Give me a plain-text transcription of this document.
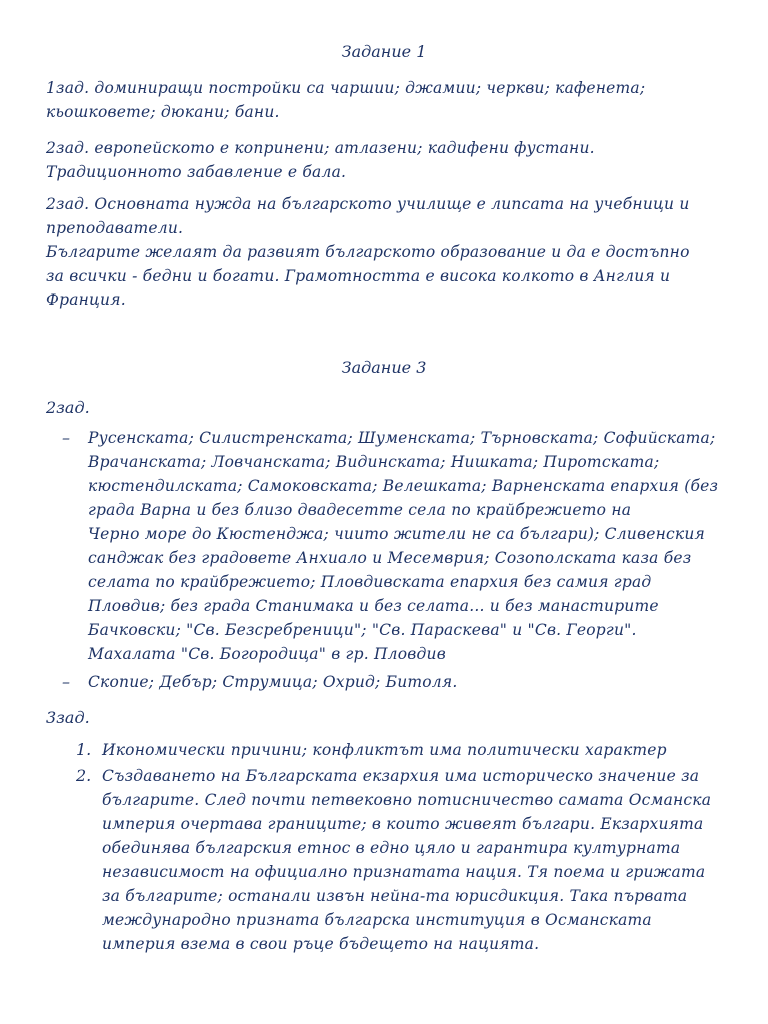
Задание 1
1зад. доминиращи постройки са чаршии; джамии; черкви; кафенета;
кьошковете; дюкани; бани.
2зад. европейското е копринени; атлазени; кадифени фустани.
Традиционното забавление е бала.
2зад. Основната нужда на българското училище е липсата на учебници и
преподаватели.
Българите желаят да развият българското образование и да е достъпно
за всички - бедни и богати. Грамотността е висока колкото в Англия и
Франция.
Задание 3
2зад.
– Русенската; Силистренската; Шуменската; Търновската; Софийската;
Врачанската; Ловчанската; Видинската; Нишката; Пиротската;
кюстендилската; Самоковската; Велешката; Варненската епархия (без
града Варна и без близо двадесетте села по крайбрежието на
Черно море до Кюстенджа; чиито жители не са българи); Сливенския
санджак без градовете Анхиало и Месемврия; Созополската каза без
селата по крайбрежието; Пловдивската епархия без самия град
Пловдив; без града Станимака и без селата... и без манастирите
Бачковски; "Св. Безсребреници"; "Св. Параскева" и "Св. Георги".
Махалата "Св. Богородица" в гр. Пловдив
– Скопие; Дебър; Струмица; Охрид; Битоля.
3зад.
1. Икономически причини; конфликтът има политически характер
2. Създаването на Българската екзархия има историческо значение за
българите. След почти петвековно потисничество самата Османска
империя очертава границите; в които живеят българи. Екзархията
обединява българския етнос в едно цяло и гарантира културната
независимост на официално признатата нация. Тя поема и грижата
за българите; останали извън нейна-та юрисдикция. Така първата
международно призната българска институция в Османската
империя взема в свои ръце бъдещето на нацията.
